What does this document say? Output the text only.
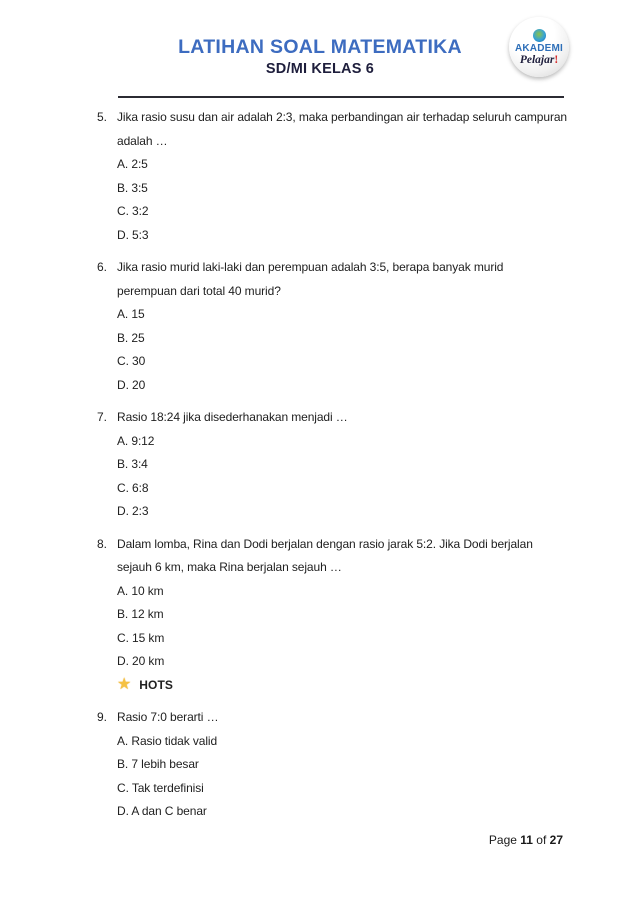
LATIHAN SOAL MATEMATIKA
SD/MI KELAS 6
AKADEMI
Pelajar!
5. Jika rasio susu dan air adalah 2:3, maka perbandingan air terhadap seluruh campuran
adalah …
A. 2:5
B. 3:5
C. 3:2
D. 5:3
6. Jika rasio murid laki-laki dan perempuan adalah 3:5, berapa banyak murid
perempuan dari total 40 murid?
A. 15
B. 25
C. 30
D. 20
7. Rasio 18:24 jika disederhanakan menjadi …
A. 9:12
B. 3:4
C. 6:8
D. 2:3
8. Dalam lomba, Rina dan Dodi berjalan dengan rasio jarak 5:2. Jika Dodi berjalan
sejauh 6 km, maka Rina berjalan sejauh …
A. 10 km
B. 12 km
C. 15 km
D. 20 km
★ HOTS
9. Rasio 7:0 berarti …
A. Rasio tidak valid
B. 7 lebih besar
C. Tak terdefinisi
D. A dan C benar
Page 11 of 27
